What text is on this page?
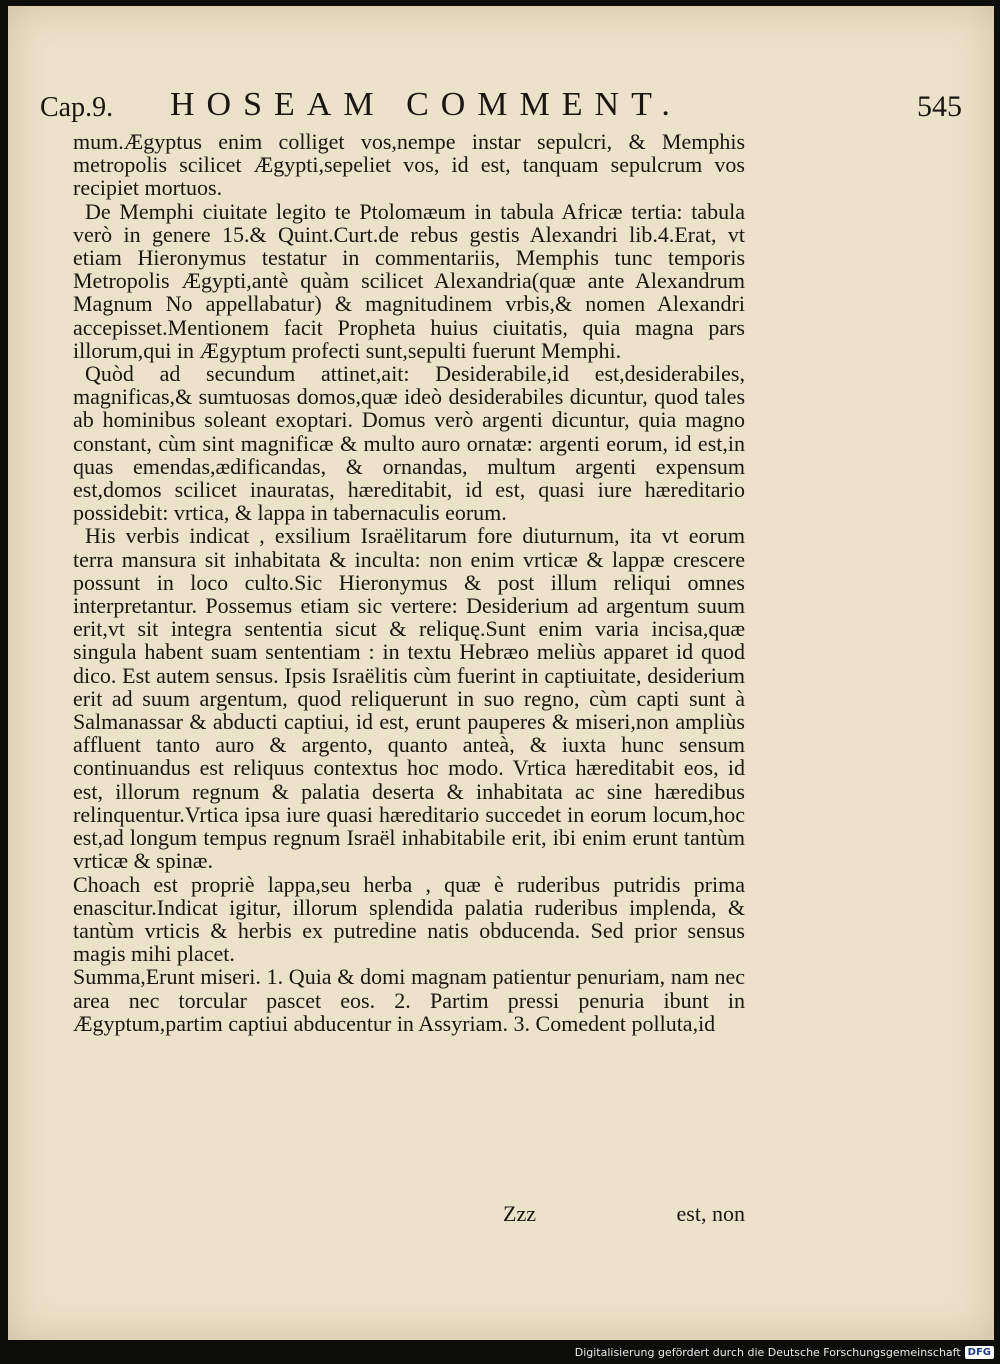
Cap.9. HOSEAM COMMENT.	545

mum.Ægyptus enim colliget vos,nempe instar sepulcri, & Memphis metropolis scilicet Ægypti,sepeliet vos, id est, tanquam sepulcrum vos recipiet mortuos.

De Memphi ciuitate legito te Ptolomæum in tabula Africæ tertia: tabula verò in genere 15.& Quint.Curt.de rebus gestis Alexandri lib.4.Erat, vt etiam Hieronymus testatur in commentariis, Memphis tunc temporis Metropolis Ægypti,antè quàm scilicet Alexandria(quæ ante Alexandrum Magnum No appellabatur) & magnitudinem vrbis,& nomen Alexandri accepisset.Mentionem facit Propheta huius ciuitatis, quia magna pars illorum,qui in Ægyptum profecti sunt,sepulti fuerunt Memphi.

Quòd ad secundum attinet,ait: Desiderabile,id est,desiderabiles, magnificas,& sumtuosas domos,quæ ideò desiderabiles dicuntur, quod tales ab hominibus soleant exoptari. Domus verò argenti dicuntur, quia magno constant, cùm sint magnificæ & multo auro ornatæ: argenti eorum, id est,in quas emendas,ædificandas, & ornandas, multum argenti expensum est,domos scilicet inauratas, hæreditabit, id est, quasi iure hæreditario possidebit: vrtica, & lappa in tabernaculis eorum.

His verbis indicat , exsilium Israëlitarum fore diuturnum, ita vt eorum terra mansura sit inhabitata & inculta: non enim vrticæ & lappæ crescere possunt in loco culto.Sic Hieronymus & post illum reliqui omnes interpretantur. Possemus etiam sic vertere: Desiderium ad argentum suum erit,vt sit integra sententia sicut & reliquę.Sunt enim varia incisa,quæ singula habent suam sententiam : in textu Hebræo meliùs apparet id quod dico. Est autem sensus. Ipsis Israëlitis cùm fuerint in captiuitate, desiderium erit ad suum argentum, quod reliquerunt in suo regno, cùm capti sunt à Salmanassar & abducti captiui, id est, erunt pauperes & miseri,non ampliùs affluent tanto auro & argento, quanto anteà, & iuxta hunc sensum continuandus est reliquus contextus hoc modo. Vrtica hæreditabit eos, id est, illorum regnum & palatia deserta & inhabitata ac sine hæredibus relinquentur.Vrtica ipsa iure quasi hæreditario succedet in eorum locum,hoc est,ad longum tempus regnum Israël inhabitabile erit, ibi enim erunt tantùm vrticæ & spinæ.

Choach est propriè lappa,seu herba , quæ è ruderibus putridis prima enascitur.Indicat igitur, illorum splendida palatia ruderibus implenda, & tantùm vrticis & herbis ex putredine natis obducenda. Sed prior sensus magis mihi placet.

Summa,Erunt miseri. 1. Quia & domi magnam patientur penuriam, nam nec area nec torcular pascet eos. 2. Partim pressi penuria ibunt in Ægyptum,partim captiui abducentur in Assyriam. 3. Comedent polluta,id

Zzz	est, non
Digitalisierung gefördert durch die Deutsche Forschungsgemeinschaft DFG
